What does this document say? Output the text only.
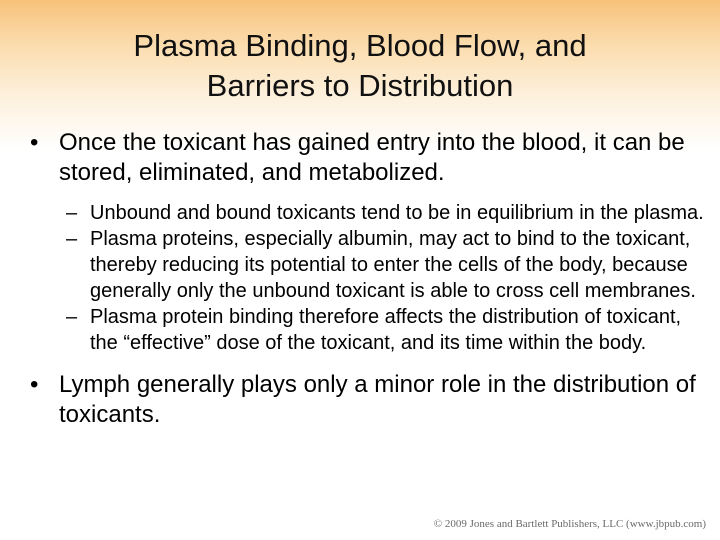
Plasma Binding, Blood Flow, and
Barriers to Distribution
• Once the toxicant has gained entry into the blood, it can be stored, eliminated, and metabolized.
– Unbound and bound toxicants tend to be in equilibrium in the plasma.
– Plasma proteins, especially albumin, may act to bind to the toxicant, thereby reducing its potential to enter the cells of the body, because generally only the unbound toxicant is able to cross cell membranes.
– Plasma protein binding therefore affects the distribution of toxicant, the “effective” dose of the toxicant, and its time within the body.
• Lymph generally plays only a minor role in the distribution of toxicants.
© 2009 Jones and Bartlett Publishers, LLC (www.jbpub.com)
